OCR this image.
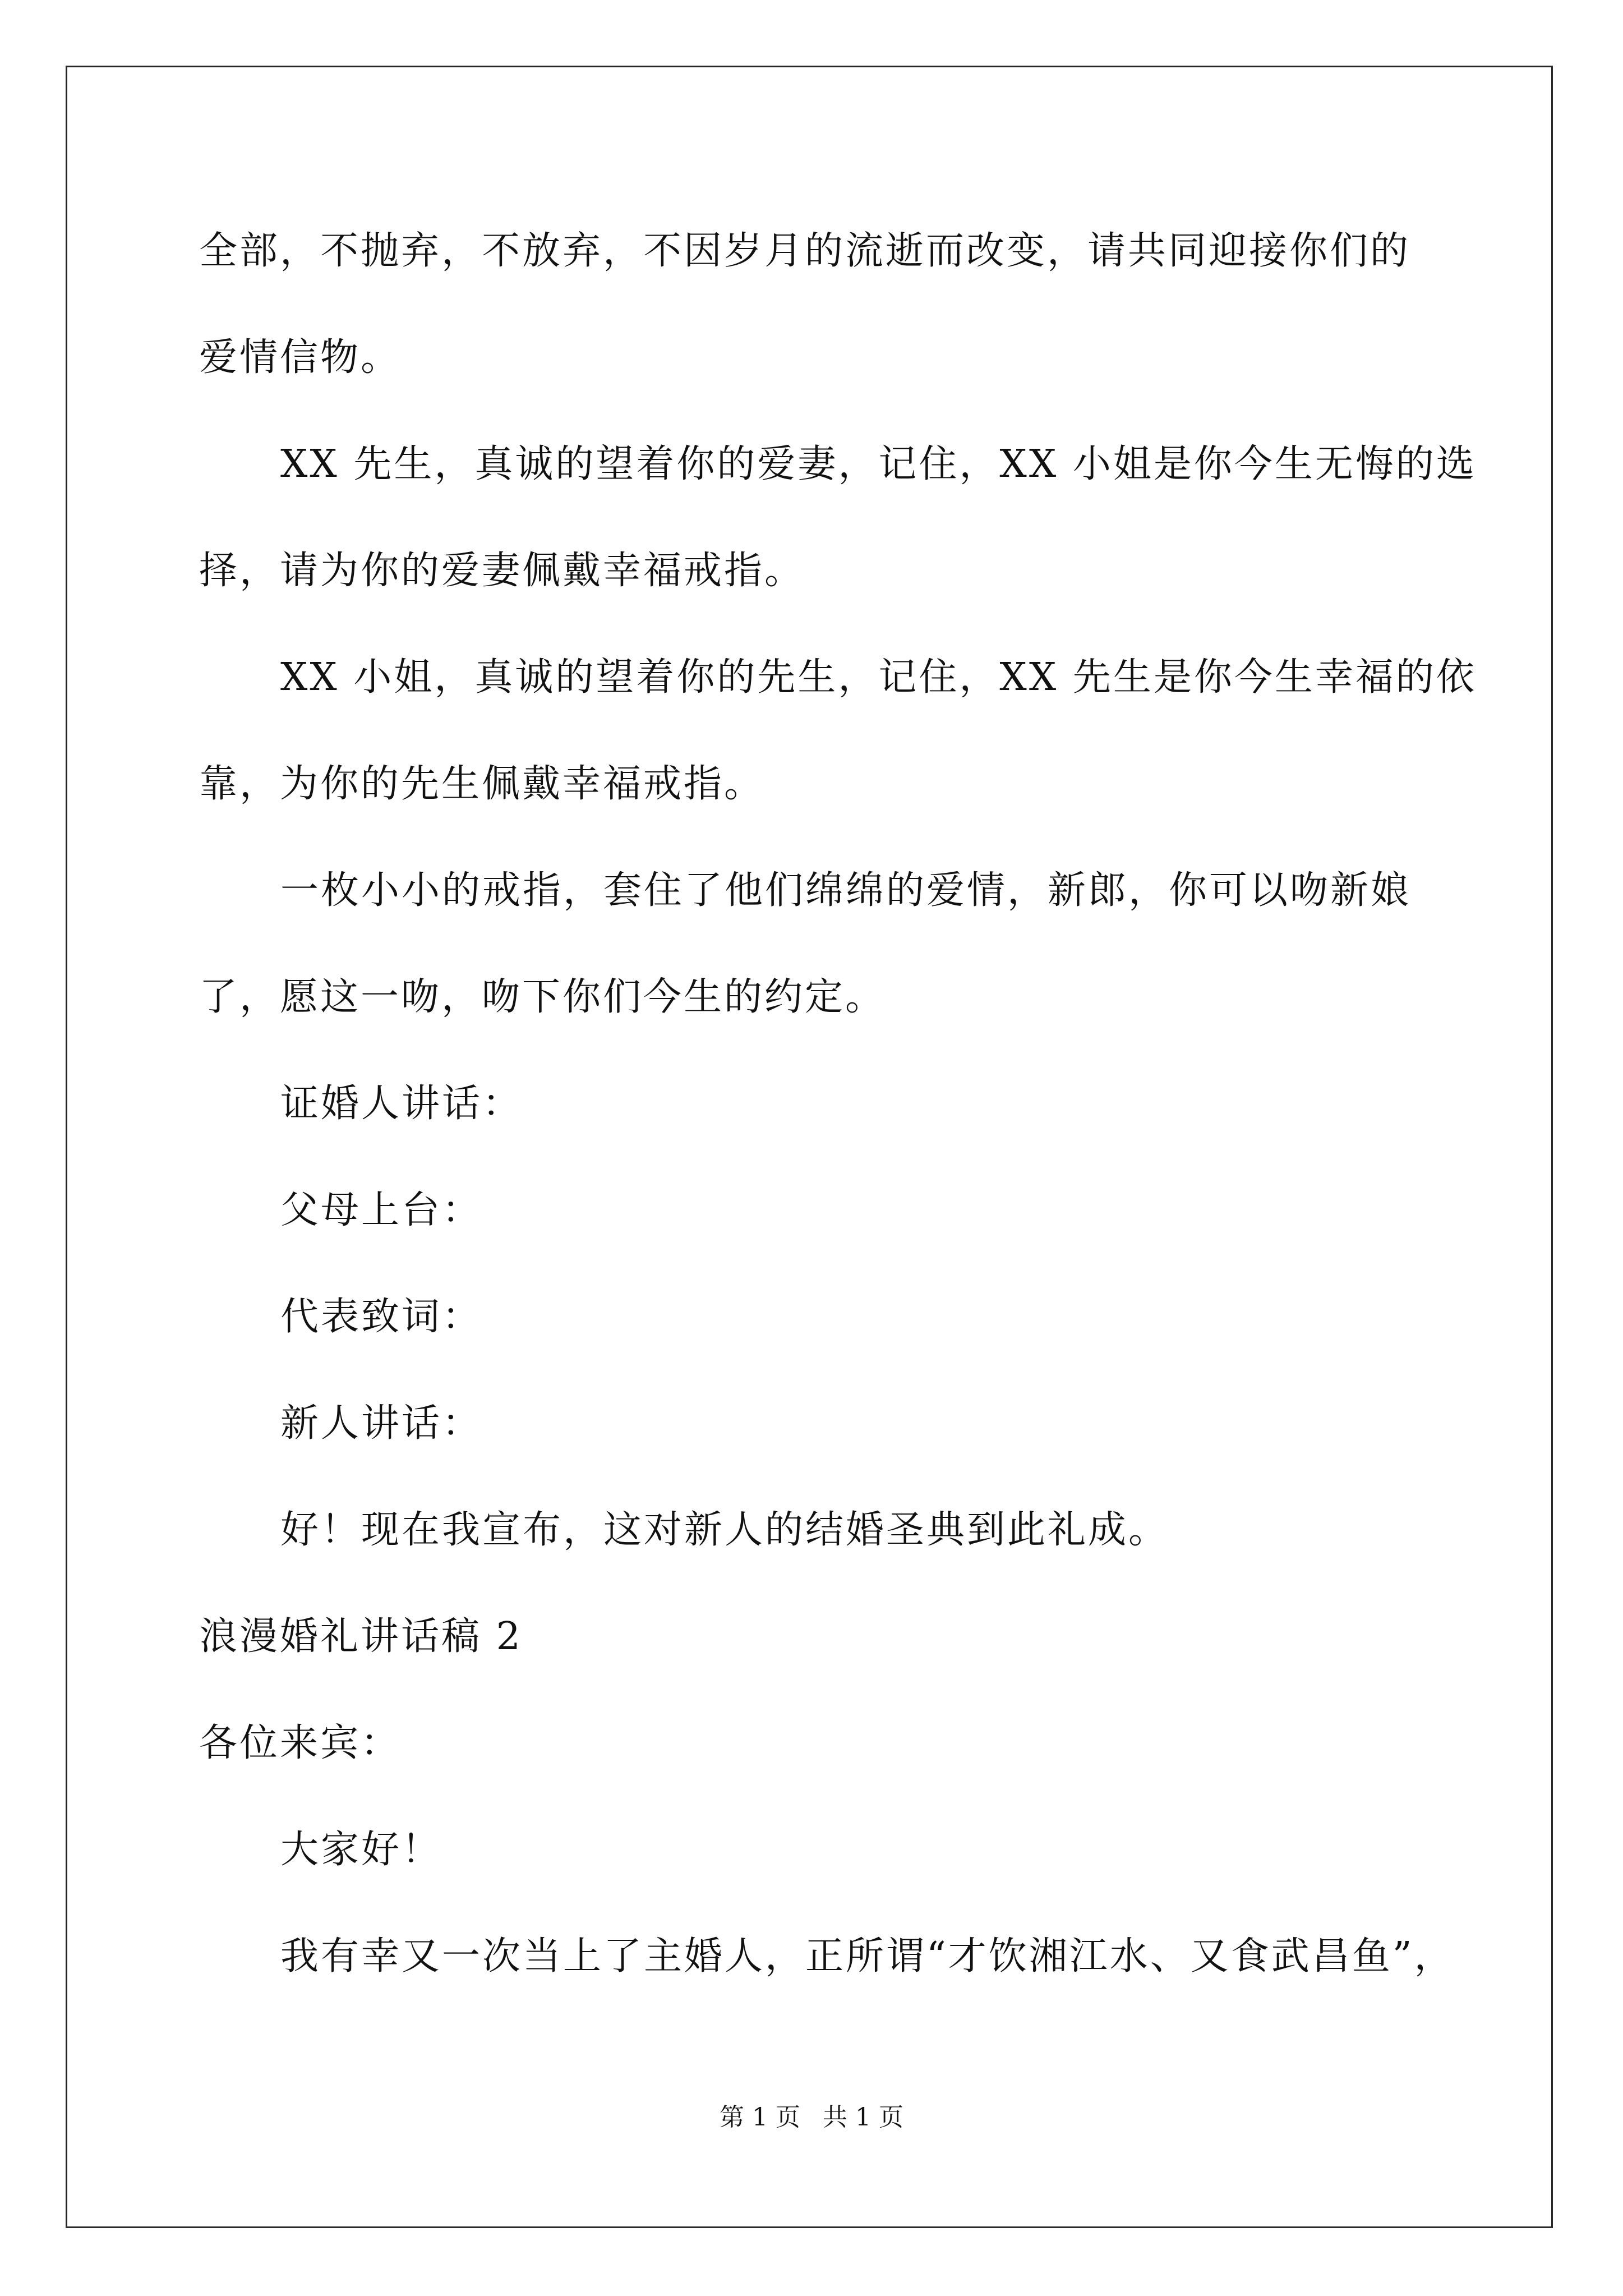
全部，不抛弃，不放弃，不因岁月的流逝而改变，请共同迎接你们的
爱情信物。
XX 先生，真诚的望着你的爱妻，记住，XX 小姐是你今生无悔的选
择，请为你的爱妻佩戴幸福戒指。
XX 小姐，真诚的望着你的先生，记住，XX 先生是你今生幸福的依
靠，为你的先生佩戴幸福戒指。
一枚小小的戒指，套住了他们绵绵的爱情，新郎，你可以吻新娘
了，愿这一吻，吻下你们今生的约定。
证婚人讲话：
父母上台：
代表致词：
新人讲话：
好！现在我宣布，这对新人的结婚圣典到此礼成。
浪漫婚礼讲话稿 2
各位来宾：
大家好！
我有幸又一次当上了主婚人，正所谓“才饮湘江水、又食武昌鱼”，
第 1 页 共 1 页
